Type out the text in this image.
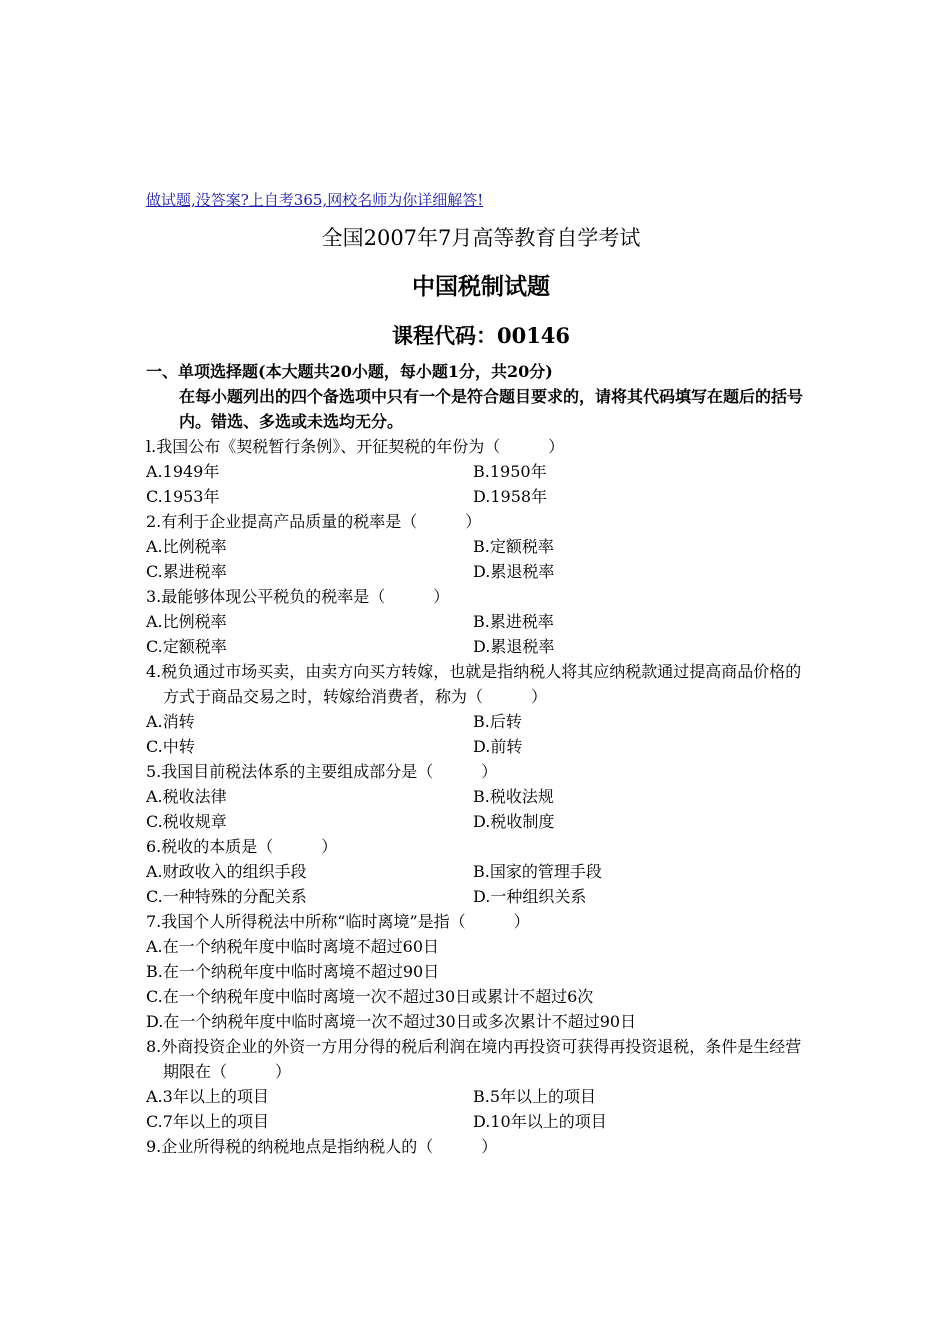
做试题,没答案?上自考365,网校名师为你详细解答!
全国2007年7月高等教育自学考试
中国税制试题
课程代码：00146
一、单项选择题(本大题共20小题，每小题1分，共20分)
在每小题列出的四个备选项中只有一个是符合题目要求的，请将其代码填写在题后的括号内。错选、多选或未选均无分。
l.我国公布《契税暂行条例》、开征契税的年份为（　　　）
A.1949年	B.1950年
C.1953年	D.1958年
2.有利于企业提高产品质量的税率是（　　　）
A.比例税率	B.定额税率
C.累进税率	D.累退税率
3.最能够体现公平税负的税率是（　　　）
A.比例税率	B.累进税率
C.定额税率	D.累退税率
4.税负通过市场买卖，由卖方向买方转嫁，也就是指纳税人将其应纳税款通过提高商品价格的方式于商品交易之时，转嫁给消费者，称为（　　　）
A.消转	B.后转
C.中转	D.前转
5.我国目前税法体系的主要组成部分是（　　　）
A.税收法律	B.税收法规
C.税收规章	D.税收制度
6.税收的本质是（　　　）
A.财政收入的组织手段	B.国家的管理手段
C.一种特殊的分配关系	D.一种组织关系
7.我国个人所得税法中所称“临时离境”是指（　　　）
A.在一个纳税年度中临时离境不超过60日
B.在一个纳税年度中临时离境不超过90日
C.在一个纳税年度中临时离境一次不超过30日或累计不超过6次
D.在一个纳税年度中临时离境一次不超过30日或多次累计不超过90日
8.外商投资企业的外资一方用分得的税后利润在境内再投资可获得再投资退税，条件是生经营期限在（　　　）
A.3年以上的项目	B.5年以上的项目
C.7年以上的项目	D.10年以上的项目
9.企业所得税的纳税地点是指纳税人的（　　　）
